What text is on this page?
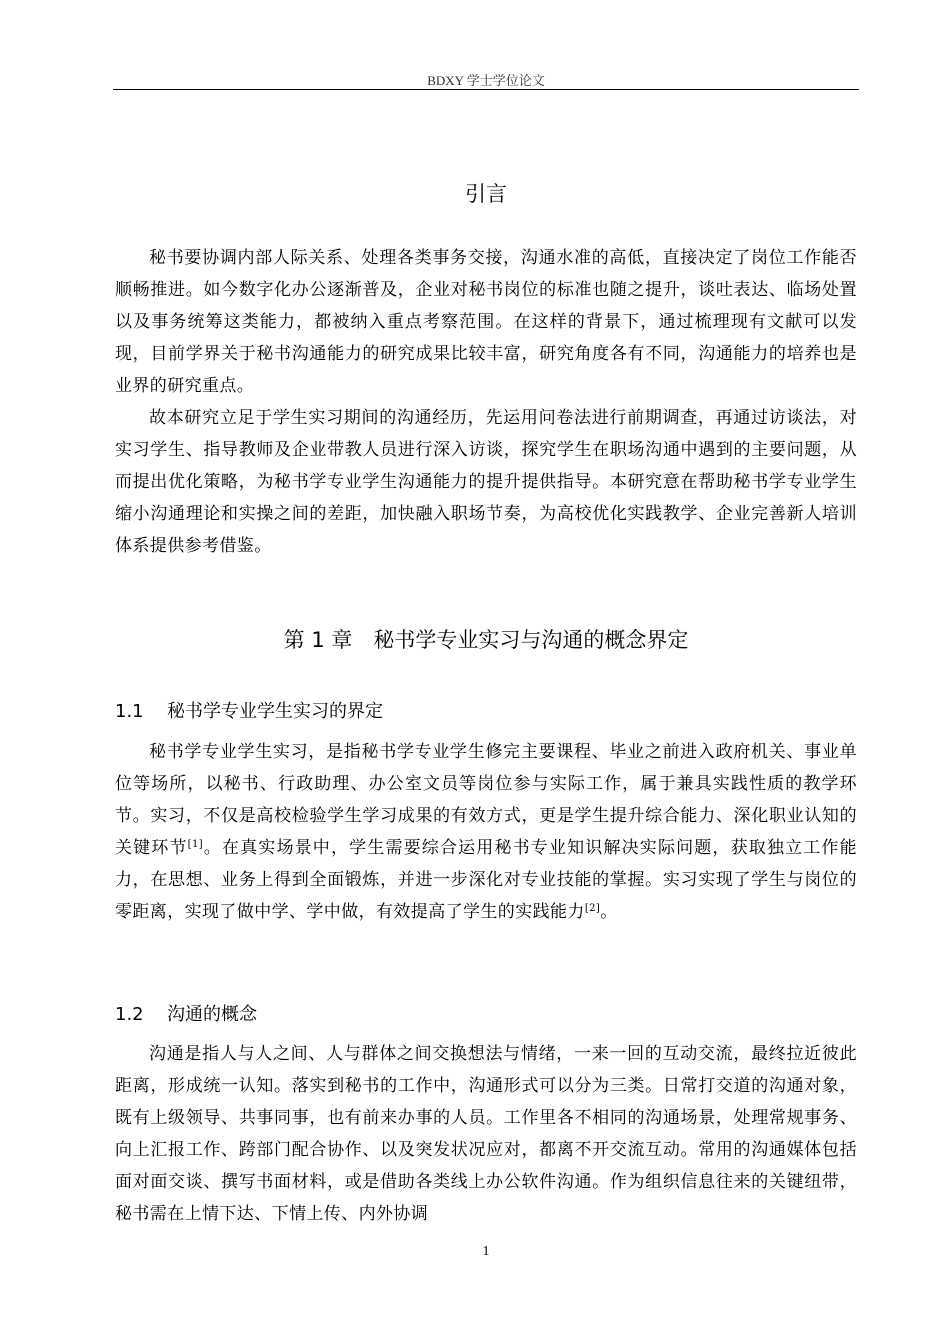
BDXY 学士学位论文
引言

秘书要协调内部人际关系、处理各类事务交接，沟通水准的高低，直接决定了岗位工作能否顺畅推进。如今数字化办公逐渐普及，企业对秘书岗位的标准也随之提升，谈吐表达、临场处置以及事务统筹这类能力，都被纳入重点考察范围。在这样的背景下，通过梳理现有文献可以发现，目前学界关于秘书沟通能力的研究成果比较丰富，研究角度各有不同，沟通能力的培养也是业界的研究重点。

故本研究立足于学生实习期间的沟通经历，先运用问卷法进行前期调查，再通过访谈法，对实习学生、指导教师及企业带教人员进行深入访谈，探究学生在职场沟通中遇到的主要问题，从而提出优化策略，为秘书学专业学生沟通能力的提升提供指导。本研究意在帮助秘书学专业学生缩小沟通理论和实操之间的差距，加快融入职场节奏，为高校优化实践教学、企业完善新人培训体系提供参考借鉴。

第 1 章　秘书学专业实习与沟通的概念界定
1.1 秘书学专业学生实习的界定

秘书学专业学生实习，是指秘书学专业学生修完主要课程、毕业之前进入政府机关、事业单位等场所，以秘书、行政助理、办公室文员等岗位参与实际工作，属于兼具实践性质的教学环节。实习，不仅是高校检验学生学习成果的有效方式，更是学生提升综合能力、深化职业认知的关键环节[1]。在真实场景中，学生需要综合运用秘书专业知识解决实际问题，获取独立工作能力，在思想、业务上得到全面锻炼，并进一步深化对专业技能的掌握。实习实现了学生与岗位的零距离，实现了做中学、学中做，有效提高了学生的实践能力[2]。

1.2 沟通的概念

沟通是指人与人之间、人与群体之间交换想法与情绪，一来一回的互动交流，最终拉近彼此距离，形成统一认知。落实到秘书的工作中，沟通形式可以分为三类。日常打交道的沟通对象，既有上级领导、共事同事，也有前来办事的人员。工作里各不相同的沟通场景，处理常规事务、向上汇报工作、跨部门配合协作、以及突发状况应对，都离不开交流互动。常用的沟通媒体包括面对面交谈、撰写书面材料，或是借助各类线上办公软件沟通。作为组织信息往来的关键纽带，秘书需在上情下达、下情上传、内外协调

1
